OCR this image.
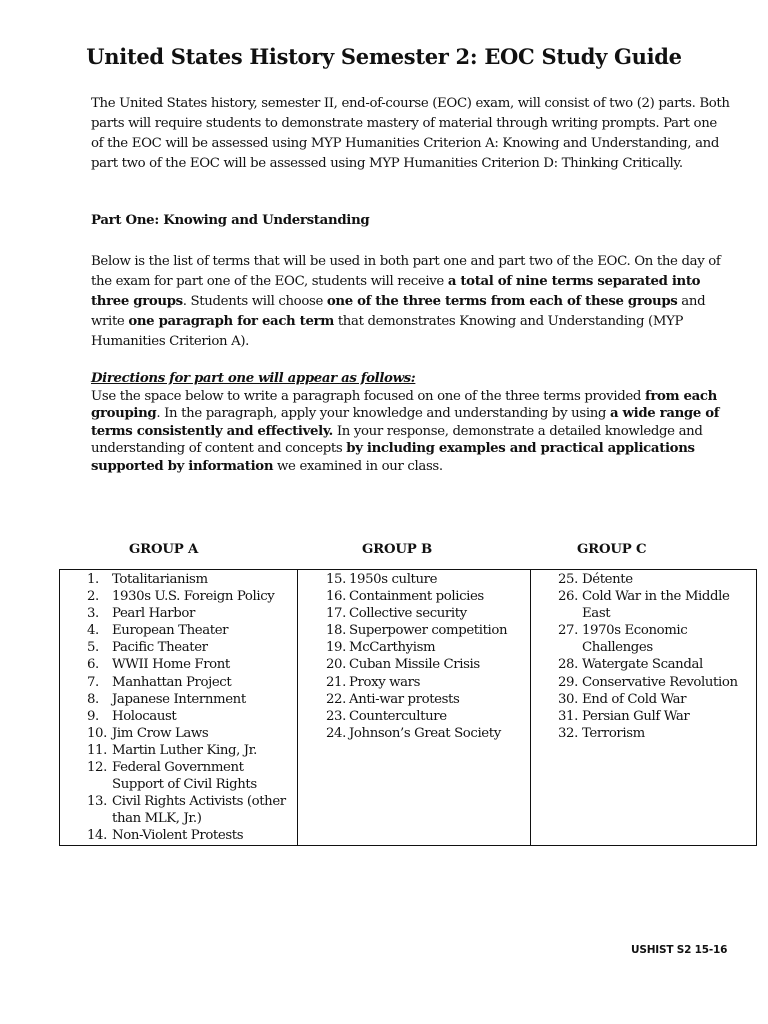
United States History Semester 2: EOC Study Guide

The United States history, semester II, end-of-course (EOC) exam, will consist of two (2) parts. Both parts will require students to demonstrate mastery of material through writing prompts. Part one of the EOC will be assessed using MYP Humanities Criterion A: Knowing and Understanding, and part two of the EOC will be assessed using MYP Humanities Criterion D: Thinking Critically.

Part One: Knowing and Understanding

Below is the list of terms that will be used in both part one and part two of the EOC. On the day of the exam for part one of the EOC, students will receive a total of nine terms separated into three groups. Students will choose one of the three terms from each of these groups and write one paragraph for each term that demonstrates Knowing and Understanding (MYP Humanities Criterion A).

Directions for part one will appear as follows:
Use the space below to write a paragraph focused on one of the three terms provided from each grouping. In the paragraph, apply your knowledge and understanding by using a wide range of terms consistently and effectively. In your response, demonstrate a detailed knowledge and understanding of content and concepts by including examples and practical applications supported by information we examined in our class.

GROUP A	GROUP B	GROUP C

1. Totalitarianism
2. 1930s U.S. Foreign Policy
3. Pearl Harbor
4. European Theater
5. Pacific Theater
6. WWII Home Front
7. Manhattan Project
8. Japanese Internment
9. Holocaust
10. Jim Crow Laws
11. Martin Luther King, Jr.
12. Federal Government Support of Civil Rights
13. Civil Rights Activists (other than MLK, Jr.)
14. Non-Violent Protests

15. 1950s culture
16. Containment policies
17. Collective security
18. Superpower competition
19. McCarthyism
20. Cuban Missile Crisis
21. Proxy wars
22. Anti-war protests
23. Counterculture
24. Johnson’s Great Society

25. Détente
26. Cold War in the Middle East
27. 1970s Economic Challenges
28. Watergate Scandal
29. Conservative Revolution
30. End of Cold War
31. Persian Gulf War
32. Terrorism

USHIST S2 15-16
